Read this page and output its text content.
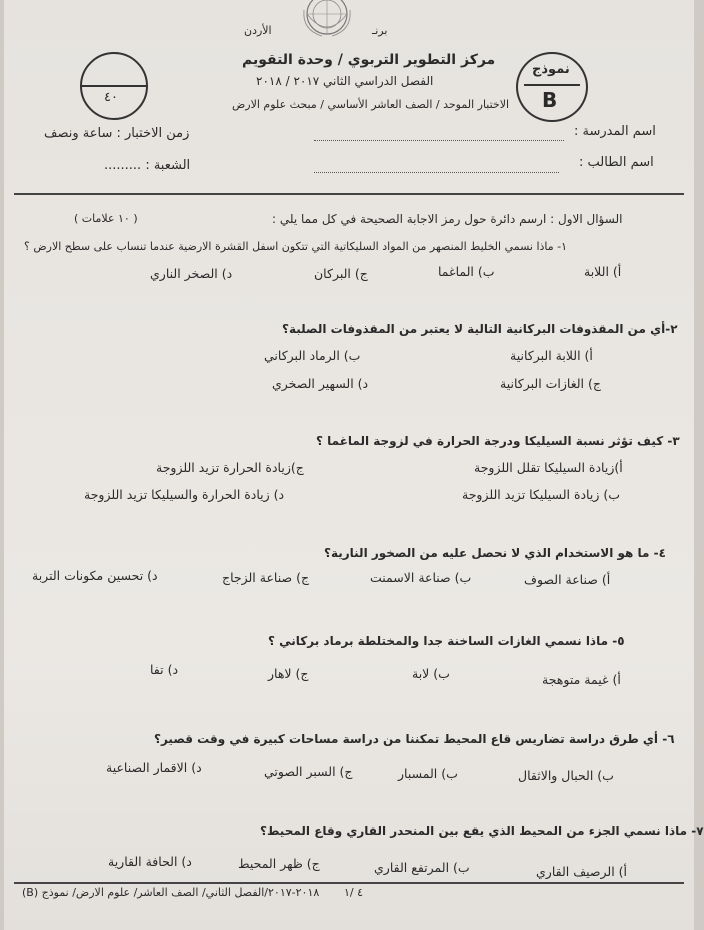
برنـ
الأردن
مركز التطوير التربوي / وحدة التقويم
الفصل الدراسي الثاني ٢٠١٧ / ٢٠١٨
الاختبار الموحد / الصف العاشر الأساسي / مبحث علوم الارض
٤٠
نموذج
B
اسم المدرسة :
زمن الاختبار : ساعة ونصف
اسم الطالب :
الشعبة : .........
السؤال الاول : ارسم دائرة حول رمز الاجابة الصحيحة في كل مما يلي :
( ١٠ علامات )
١- ماذا نسمي الخليط المنصهر من المواد السليكاتية التي تتكون اسفل القشرة الارضية عندما تنساب على سطح الارض ؟
أ) اللابة
ب) الماغما
ج) البركان
د) الصخر الناري
٢-أي من المقذوفات البركانية التالية لا يعتبر من المقذوفات الصلبة؟
أ) اللابة البركانية
ب) الرماد البركاني
ج) الغازات البركانية
د) السهير الصخري
٣- كيف تؤثر نسبة السيليكا ودرجة الحرارة في لزوجة الماغما ؟
أ)زيادة السيليكا تقلل اللزوجة
ج)زيادة الحرارة تزيد اللزوجة
ب) زيادة السيليكا تزيد اللزوجة
د) زيادة الحرارة والسيليكا تزيد اللزوجة
٤- ما هو الاستخدام الذي لا نحصل عليه من الصخور النارية؟
أ) صناعة الصوف
ب) صناعة الاسمنت
ج) صناعة الزجاج
د) تحسين مكونات التربة
٥- ماذا نسمي الغازات الساخنة جدا والمختلطة برماد بركاني ؟
أ) غيمة متوهجة
ب) لابة
ج) لاهار
د) تفا
٦- أي طرق دراسة تضاريس قاع المحيط تمكننا من دراسة مساحات كبيرة في وقت قصير؟
ب) الحبال والاثقال
ب) المسبار
ج) السبر الصوتي
د) الاقمار الصناعية
٧- ماذا نسمي الجزء من المحيط الذي يقع بين المنحدر القاري وقاع المحيط؟
أ) الرصيف القاري
ب) المرتفع القاري
ج) ظهر المحيط
د) الحافة القارية
٤ /١
٢٠١٨-٢٠١٧/الفصل الثاني/ الصف العاشر/ علوم الارض/ نموذج (B)
